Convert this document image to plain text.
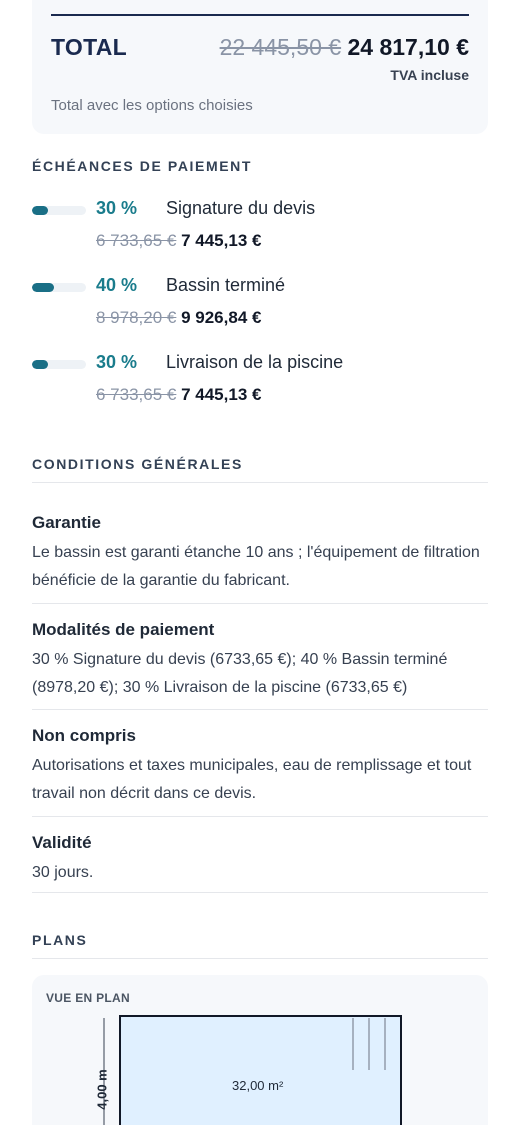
TOTAL	22 445,50 € 24 817,10 €
TVA incluse
Total avec les options choisies
ÉCHÉANCES DE PAIEMENT
30 % Signature du devis
6 733,65 € 7 445,13 €
40 % Bassin terminé
8 978,20 € 9 926,84 €
30 % Livraison de la piscine
6 733,65 € 7 445,13 €
CONDITIONS GÉNÉRALES
Garantie
Le bassin est garanti étanche 10 ans ; l'équipement de filtration bénéficie de la garantie du fabricant.
Modalités de paiement
30 % Signature du devis (6733,65 €); 40 % Bassin terminé (8978,20 €); 30 % Livraison de la piscine (6733,65 €)
Non compris
Autorisations et taxes municipales, eau de remplissage et tout travail non décrit dans ce devis.
Validité
30 jours.
PLANS
VUE EN PLAN
4,00 m	32,00 m²
